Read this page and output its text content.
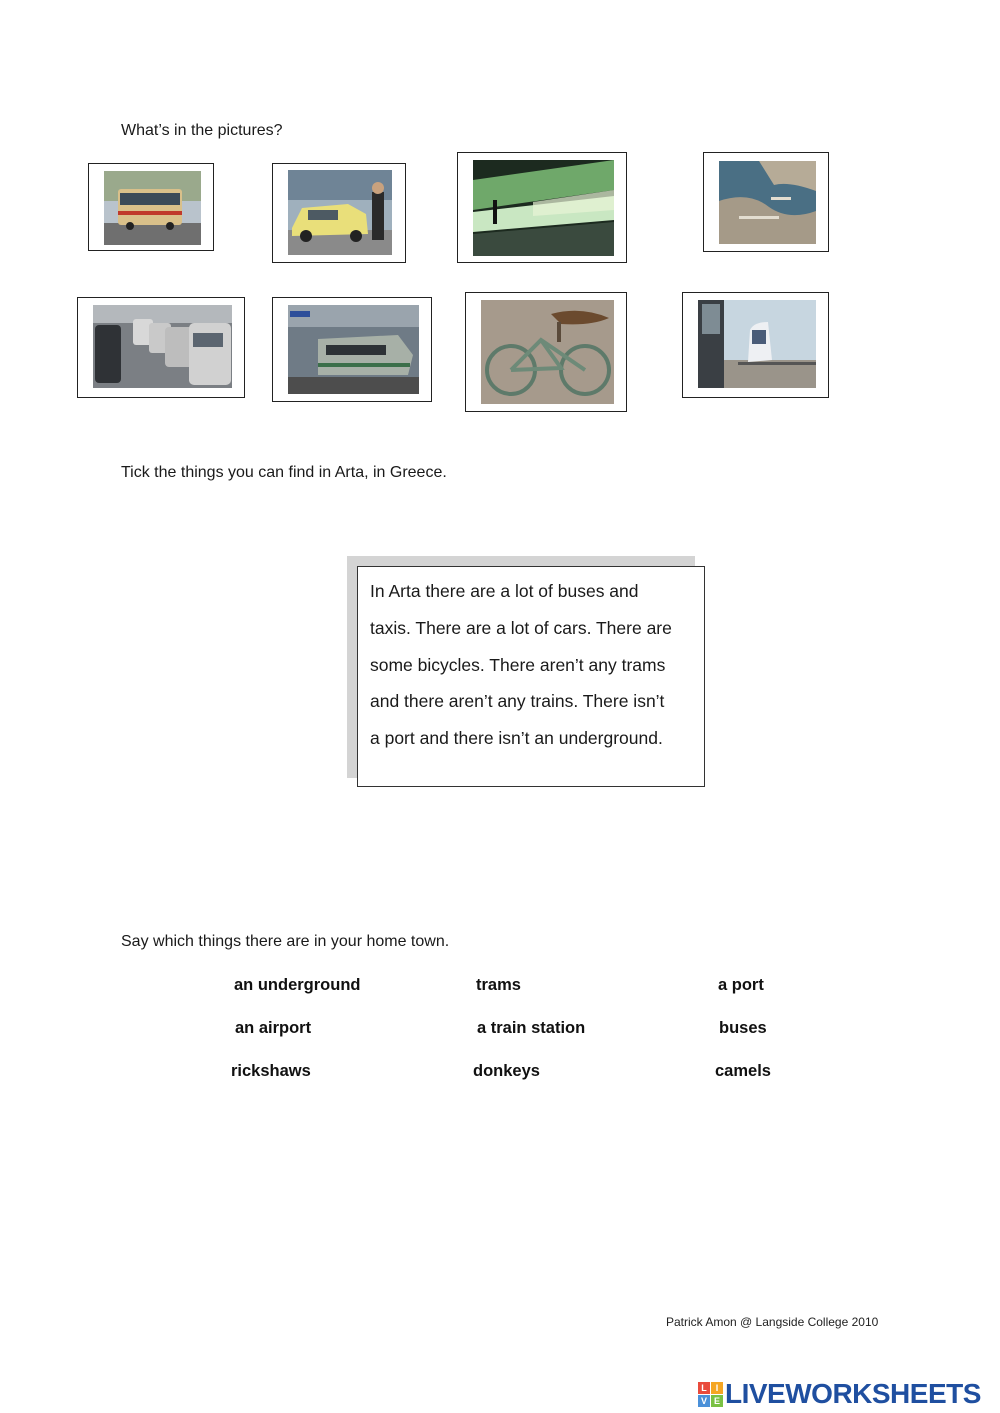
What’s in the pictures?
Tick the things you can find in Arta, in Greece.

In Arta there are a lot of buses and

taxis. There are a lot of cars. There are

some bicycles. There aren’t any trams

and there aren’t any trains. There isn’t

a port and there isn’t an underground.

Say which things there are in your home town.
an underground	trams	a port
an airport	a train station	buses
rickshaws	donkeys	camels
Patrick Amon @ Langside College 2010
L I
V E LIVEWORKSHEETS
